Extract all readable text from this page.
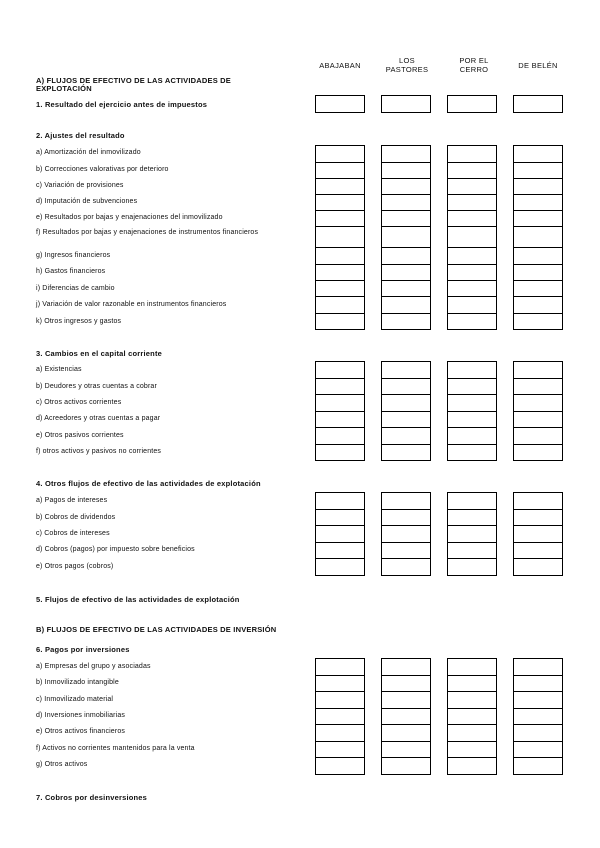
ABAJABAN	LOS
PASTORES
POR EL
CERRO	DE BELÉN
A) FLUJOS DE EFECTIVO DE LAS ACTIVIDADES DE EXPLOTACIÓN
1. Resultado del ejercicio antes de impuestos
2. Ajustes del resultado
a) Amortización del inmovilizado
b) Correcciones valorativas por deterioro
c) Variación de provisiones
d) Imputación de subvenciones
e) Resultados por bajas y enajenaciones del inmovilizado
f) Resultados por bajas y enajenaciones de instrumentos financieros
g) Ingresos financieros
h) Gastos financieros
i) Diferencias de cambio
j) Variación de valor razonable en instrumentos financieros
k) Otros ingresos y gastos
3. Cambios en el capital corriente
a) Existencias
b) Deudores y otras cuentas a cobrar
c) Otros activos corrientes
d) Acreedores y otras cuentas a pagar
e) Otros pasivos corrientes
f) otros activos y pasivos no corrientes
4. Otros flujos de efectivo de las actividades de explotación
a) Pagos de intereses
b) Cobros de dividendos
c) Cobros de intereses
d) Cobros (pagos) por impuesto sobre beneficios
e) Otros pagos (cobros)
5. Flujos de efectivo de las actividades de explotación
B) FLUJOS DE EFECTIVO DE LAS ACTIVIDADES DE INVERSIÓN
6. Pagos por inversiones
a) Empresas del grupo y asociadas
b) Inmovilizado intangible
c) Inmovilizado material
d) Inversiones inmobiliarias
e) Otros activos financieros
f) Activos no corrientes mantenidos para la venta
g) Otros activos
7. Cobros por desinversiones
